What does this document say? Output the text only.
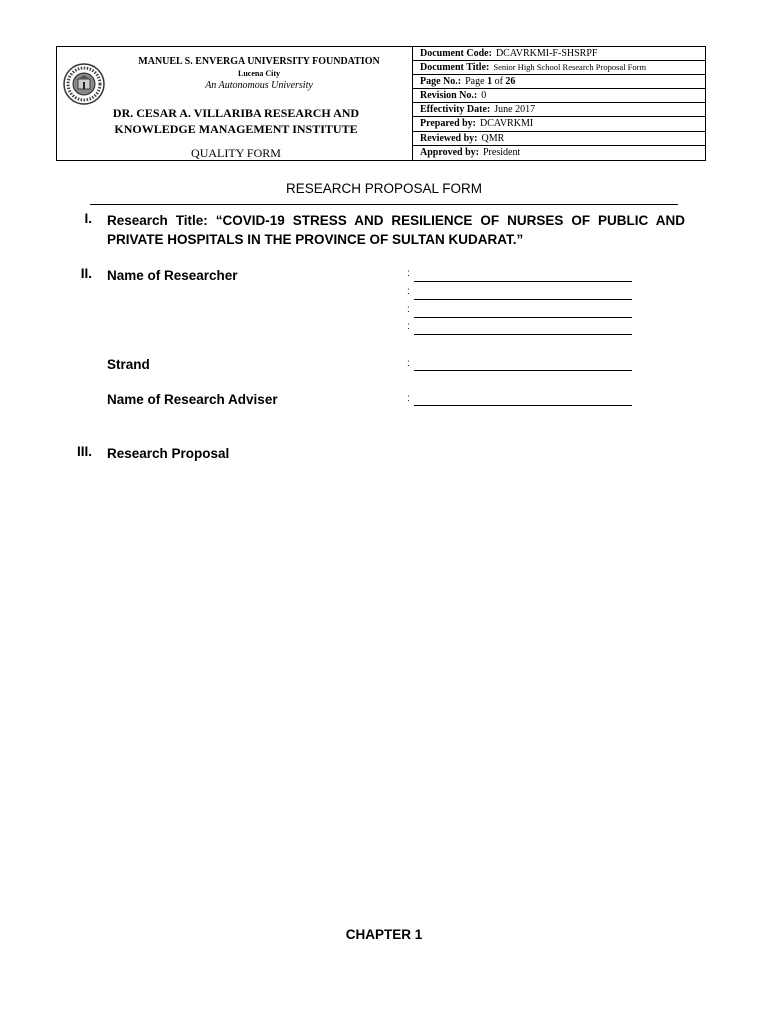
MANUEL S. ENVERGA UNIVERSITY FOUNDATION
Lucena City
An Autonomous University
DR. CESAR A. VILLARIBA RESEARCH AND
KNOWLEDGE MANAGEMENT INSTITUTE
QUALITY FORM
Document Code: DCAVRKMI-F-SHSRPF
Document Title: Senior High School Research Proposal Form
Page No.: Page 1 of 26
Revision No.: 0
Effectivity Date: June 2017
Prepared by: DCAVRKMI
Reviewed by: QMR
Approved by: President
RESEARCH PROPOSAL FORM
I. Research Title: “COVID-19 STRESS AND RESILIENCE OF NURSES OF PUBLIC AND PRIVATE HOSPITALS IN THE PROVINCE OF SULTAN KUDARAT.”
II. Name of Researcher	:
:
:
:
Strand	:
Name of Research Adviser	:
III. Research Proposal
CHAPTER 1
